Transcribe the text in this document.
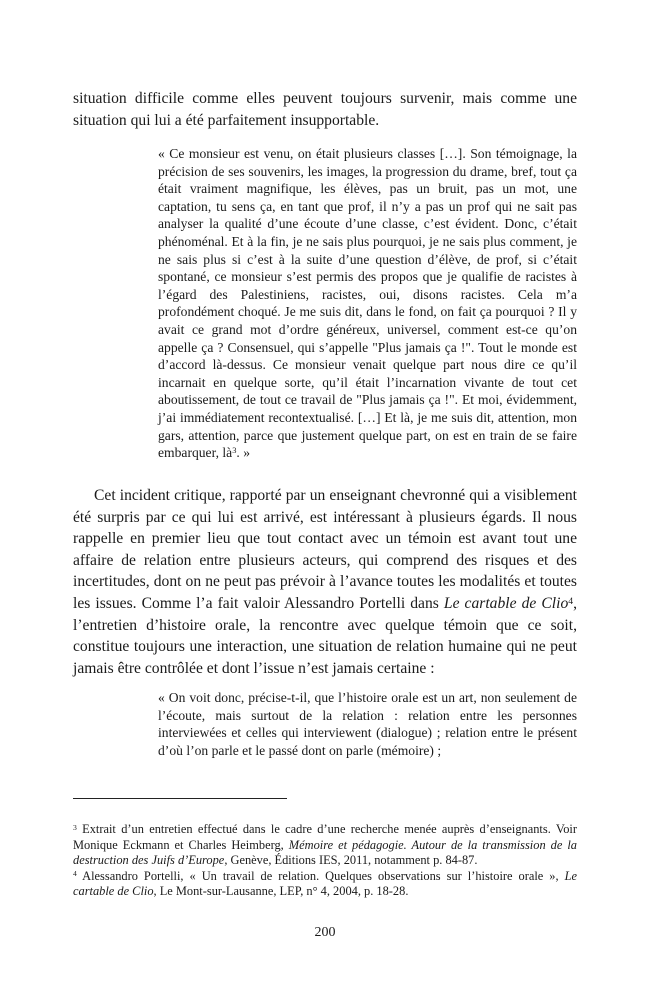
situation difficile comme elles peuvent toujours survenir, mais comme une situation qui lui a été parfaitement insupportable.

« Ce monsieur est venu, on était plusieurs classes […]. Son témoignage, la précision de ses souvenirs, les images, la progression du drame, bref, tout ça était vraiment magnifique, les élèves, pas un bruit, pas un mot, une captation, tu sens ça, en tant que prof, il n’y a pas un prof qui ne sait pas analyser la qualité d’une écoute d’une classe, c’est évident. Donc, c’était phénoménal. Et à la fin, je ne sais plus pourquoi, je ne sais plus comment, je ne sais plus si c’est à la suite d’une question d’élève, de prof, si c’était spontané, ce monsieur s’est permis des propos que je qualifie de racistes à l’égard des Palestiniens, racistes, oui, disons racistes. Cela m’a profondément choqué. Je me suis dit, dans le fond, on fait ça pourquoi ? Il y avait ce grand mot d’ordre généreux, universel, comment est-ce qu’on appelle ça ? Consensuel, qui s’appelle "Plus jamais ça !". Tout le monde est d’accord là-dessus. Ce monsieur venait quelque part nous dire ce qu’il incarnait en quelque sorte, qu’il était l’incarnation vivante de tout cet aboutissement, de tout ce travail de "Plus jamais ça !". Et moi, évidemment, j’ai immédiatement recontextualisé. […] Et là, je me suis dit, attention, mon gars, attention, parce que justement quelque part, on est en train de se faire embarquer, $là^3$. »

Cet incident critique, rapporté par un enseignant chevronné qui a visiblement été surpris par ce qui lui est arrivé, est intéressant à plusieurs égards. Il nous rappelle en premier lieu que tout contact avec un témoin est avant tout une affaire de relation entre plusieurs acteurs, qui comprend des risques et des incertitudes, dont on ne peut pas prévoir à l’avance toutes les modalités et toutes les issues. Comme l’a fait valoir Alessandro Portelli dans Le cartable de Clio$^4$, l’entretien d’histoire orale, la rencontre avec quelque témoin que ce soit, constitue toujours une interaction, une situation de relation humaine qui ne peut jamais être contrôlée et dont l’issue n’est jamais certaine :

« On voit donc, précise-t-il, que l’histoire orale est un art, non seulement de l’écoute, mais surtout de la relation : relation entre les personnes interviewées et celles qui interviewent (dialogue) ; relation entre le présent d’où l’on parle et le passé dont on parle (mémoire) ;

$^3$ Extrait d’un entretien effectué dans le cadre d’une recherche menée auprès d’enseignants. Voir Monique Eckmann et Charles Heimberg, Mémoire et pédagogie. Autour de la transmission de la destruction des Juifs d’Europe, Genève, Éditions IES, 2011, notamment p. 84-87.

$^4$ Alessandro Portelli, « Un travail de relation. Quelques observations sur l’histoire orale », Le cartable de Clio, Le Mont-sur-Lausanne, LEP, n° 4, 2004, p. 18-28.

200
